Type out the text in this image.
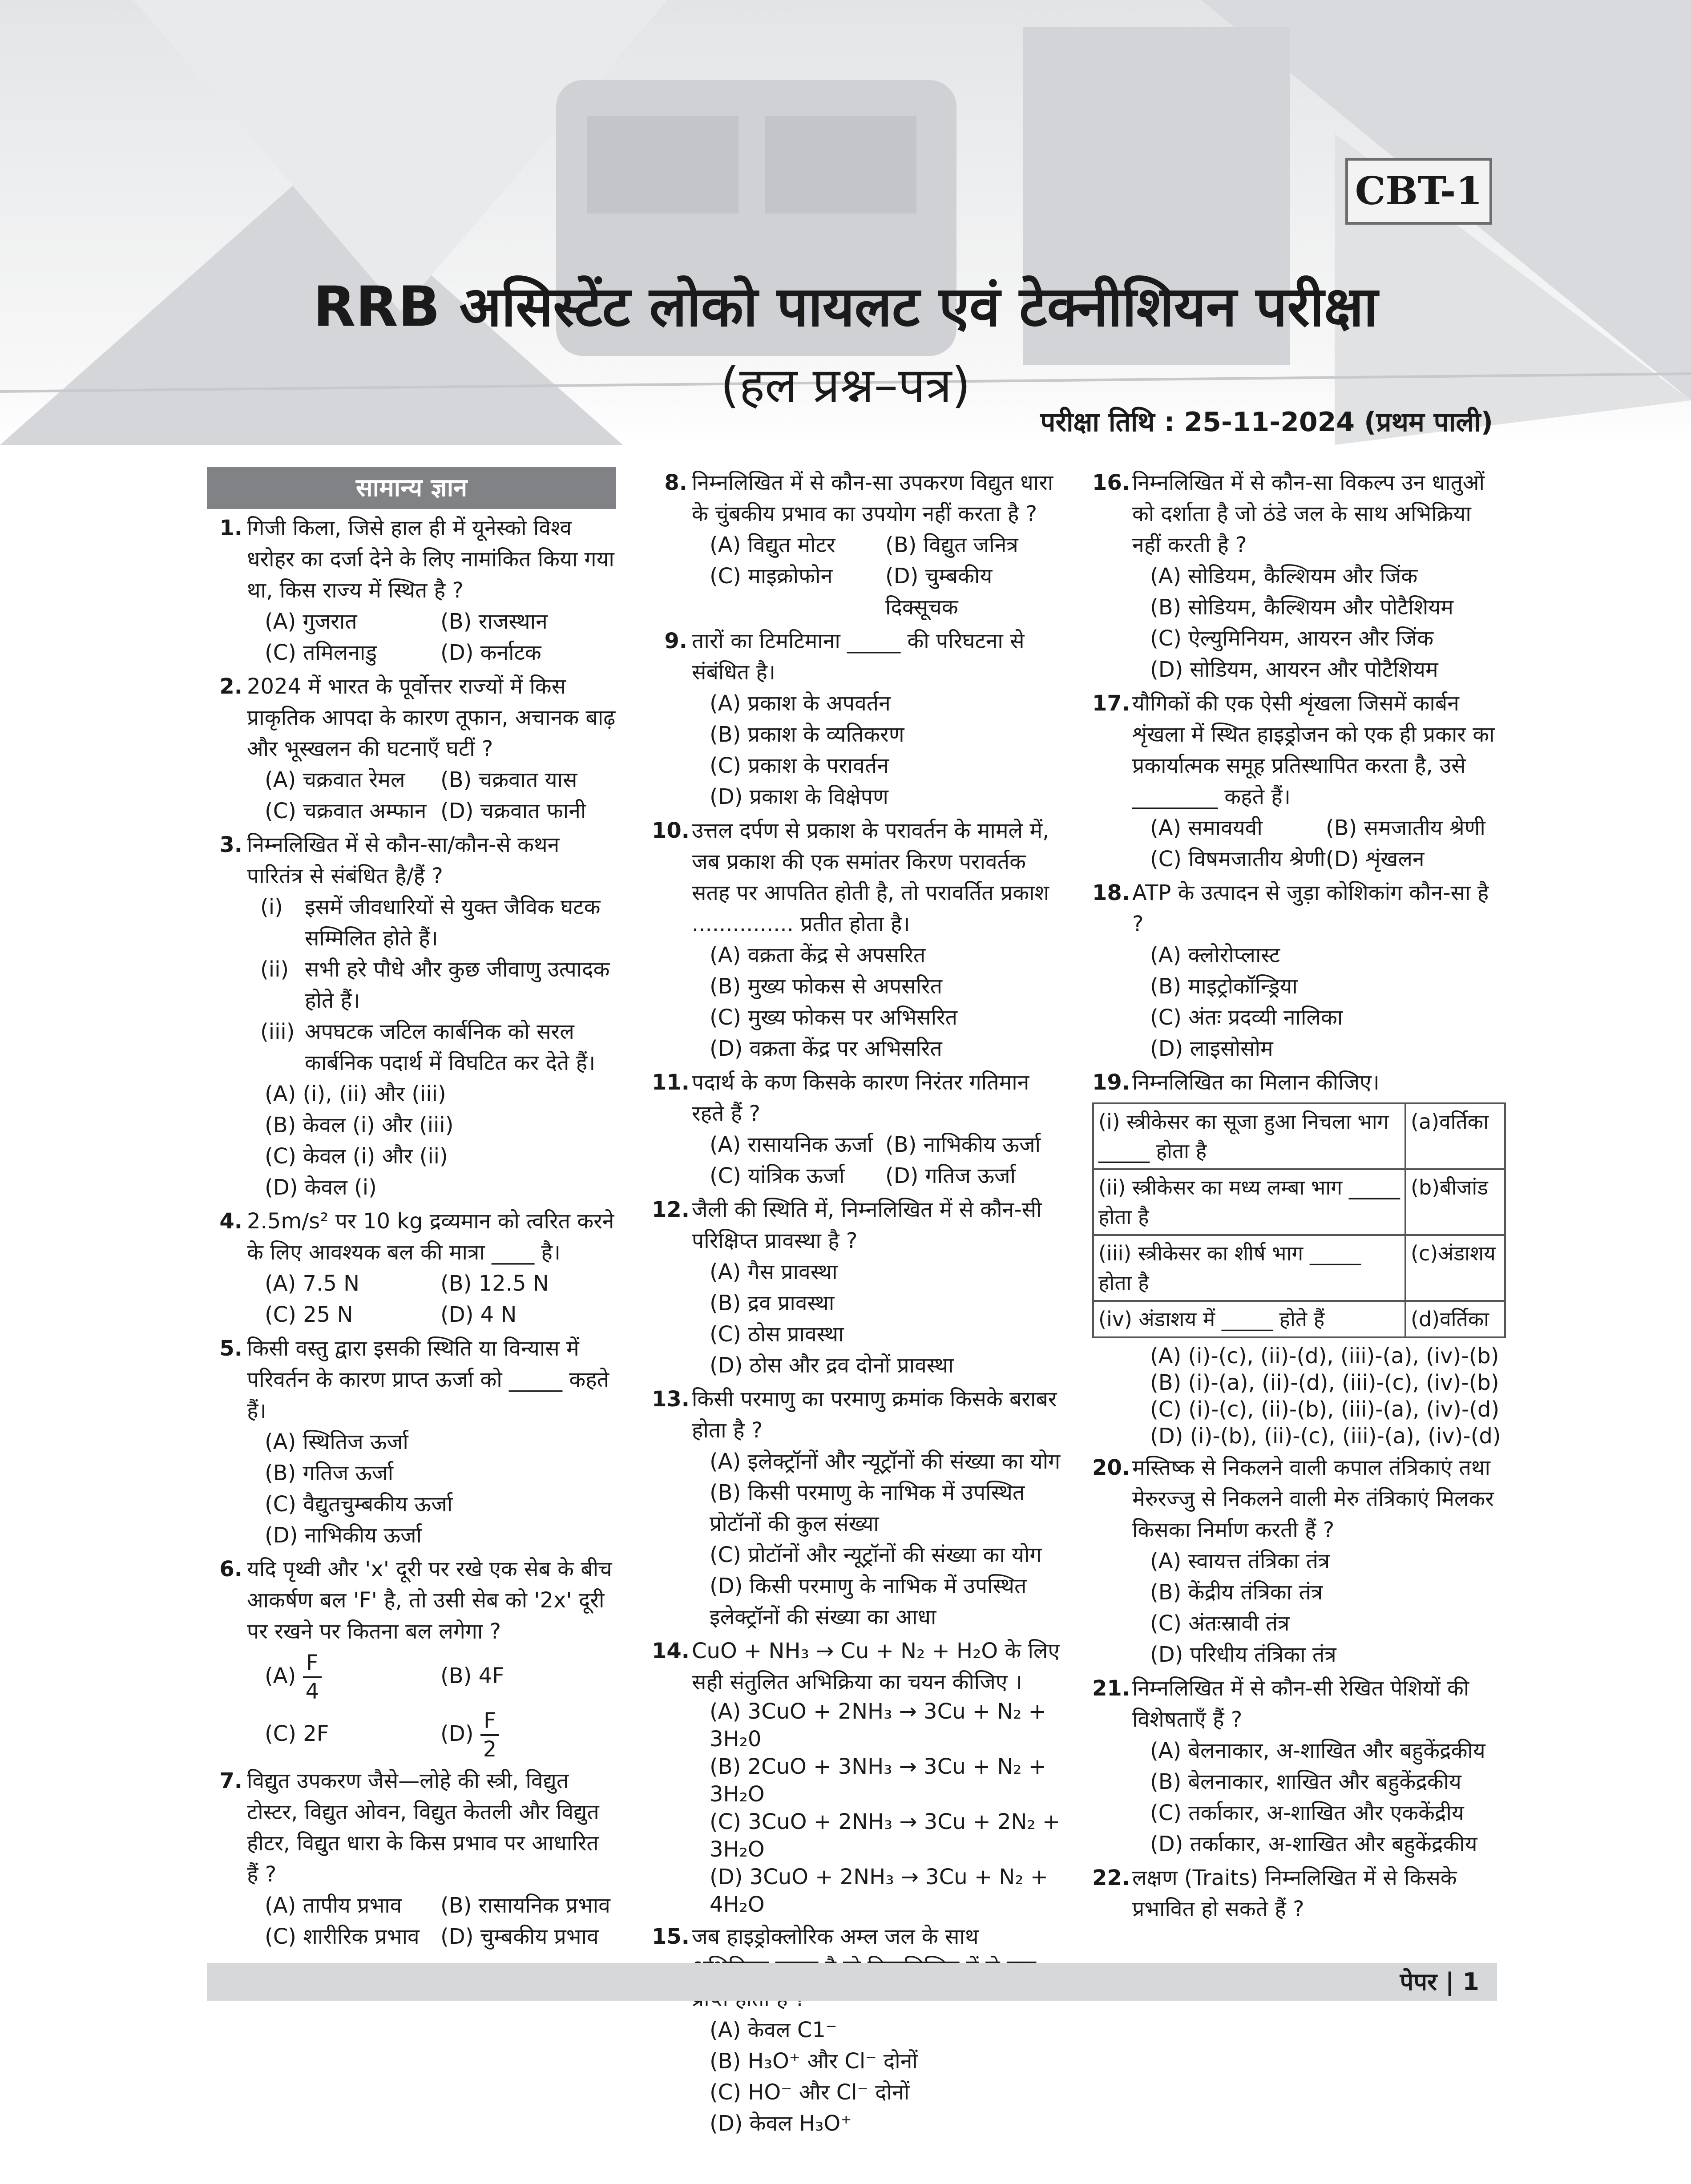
CBT-1
RRB असिस्टेंट लोको पायलट एवं टेक्नीशियन परीक्षा
(हल प्रश्न–पत्र)
परीक्षा तिथि : 25-11-2024 (प्रथम पाली)
सामान्य ज्ञान
1. गिजी किला, जिसे हाल ही में यूनेस्को विश्व धरोहर का दर्जा देने के लिए नामांकित किया गया था, किस राज्य में स्थित है ?
(A) गुजरात	(B) राजस्थान
(C) तमिलनाडु	(D) कर्नाटक
2. 2024 में भारत के पूर्वोत्तर राज्यों में किस प्राकृतिक आपदा के कारण तूफान, अचानक बाढ़ और भूस्खलन की घटनाएँ घटीं ?
(A) चक्रवात रेमल	(B) चक्रवात यास
(C) चक्रवात अम्फान (D) चक्रवात फानी
3. निम्नलिखित में से कौन-सा/कौन-से कथन पारितंत्र से संबंधित है/हैं ?
(i) इसमें जीवधारियों से युक्त जैविक घटक सम्मिलित होते हैं।
(ii) सभी हरे पौधे और कुछ जीवाणु उत्पादक होते हैं।
(iii) अपघटक जटिल कार्बनिक को सरल कार्बनिक पदार्थ में विघटित कर देते हैं।
(A) (i), (ii) और (iii)
(B) केवल (i) और (iii)
(C) केवल (i) और (ii)
(D) केवल (i)
4. 2.5m/s² पर 10 kg द्रव्यमान को त्वरित करने के लिए आवश्यक बल की मात्रा ____ है।
(A) 7.5 N	(B) 12.5 N
(C) 25 N	(D) 4 N
5. किसी वस्तु द्वारा इसकी स्थिति या विन्यास में परिवर्तन के कारण प्राप्त ऊर्जा को _____ कहते हैं।
(A) स्थितिज ऊर्जा
(B) गतिज ऊर्जा
(C) वैद्युतचुम्बकीय ऊर्जा
(D) नाभिकीय ऊर्जा
6. यदि पृथ्वी और 'x' दूरी पर रखे एक सेब के बीच आकर्षण बल 'F' है, तो उसी सेब को '2x' दूरी पर रखने पर कितना बल लगेगा ?
$(A) \frac{F}{4}$	(B) 4F
(C) 2F	$(D) \frac{F}{2}$
7. विद्युत उपकरण जैसे—लोहे की स्त्री, विद्युत टोस्टर, विद्युत ओवन, विद्युत केतली और विद्युत हीटर, विद्युत धारा के किस प्रभाव पर आधारित हैं ?
(A) तापीय प्रभाव	(B) रासायनिक प्रभाव
(C) शारीरिक प्रभाव (D) चुम्बकीय प्रभाव
8. निम्नलिखित में से कौन-सा उपकरण विद्युत धारा के चुंबकीय प्रभाव का उपयोग नहीं करता है ?
(A) विद्युत मोटर	(B) विद्युत जनित्र
(C) माइक्रोफोन	(D) चुम्बकीय दिक्सूचक
9. तारों का टिमटिमाना _____ की परिघटना से संबंधित है।
(A) प्रकाश के अपवर्तन
(B) प्रकाश के व्यतिकरण
(C) प्रकाश के परावर्तन
(D) प्रकाश के विक्षेपण
10. उत्तल दर्पण से प्रकाश के परावर्तन के मामले में, जब प्रकाश की एक समांतर किरण परावर्तक सतह पर आपतित होती है, तो परावर्तित प्रकाश ............... प्रतीत होता है।
(A) वक्रता केंद्र से अपसरित
(B) मुख्य फोकस से अपसरित
(C) मुख्य फोकस पर अभिसरित
(D) वक्रता केंद्र पर अभिसरित
11. पदार्थ के कण किसके कारण निरंतर गतिमान रहते हैं ?
(A) रासायनिक ऊर्जा (B) नाभिकीय ऊर्जा
(C) यांत्रिक ऊर्जा	(D) गतिज ऊर्जा
12. जैली की स्थिति में, निम्नलिखित में से कौन-सी परिक्षिप्त प्रावस्था है ?
(A) गैस प्रावस्था
(B) द्रव प्रावस्था
(C) ठोस प्रावस्था
(D) ठोस और द्रव दोनों प्रावस्था
13. किसी परमाणु का परमाणु क्रमांक किसके बराबर होता है ?
(A) इलेक्ट्रॉनों और न्यूट्रॉनों की संख्या का योग
(B) किसी परमाणु के नाभिक में उपस्थित प्रोटॉनों की कुल संख्या
(C) प्रोटॉनों और न्यूट्रॉनों की संख्या का योग
(D) किसी परमाणु के नाभिक में उपस्थित इलेक्ट्रॉनों की संख्या का आधा
14. CuO + NH₃ → Cu + N₂ + H₂O के लिए सही संतुलित अभिक्रिया का चयन कीजिए ।
(A) 3CuO + 2NH₃ → 3Cu + N₂ + 3H₂0
(B) 2CuO + 3NH₃ → 3Cu + N₂ + 3H₂O
(C) 3CuO + 2NH₃ → 3Cu + 2N₂ + 3H₂O
(D) 3CuO + 2NH₃ → 3Cu + N₂ + 4H₂O
15. जब हाइड्रोक्लोरिक अम्ल जल के साथ
(A) केवल C1⁻
(B) H₃O⁺ और Cl⁻ दोनों
(C) HO⁻ और Cl⁻ दोनों
(D) केवल H₃O⁺
16. निम्नलिखित में से कौन-सा विकल्प उन धातुओं को दर्शाता है जो ठंडे जल के साथ अभिक्रिया नहीं करती है ?
(A) सोडियम, कैल्शियम और जिंक
(B) सोडियम, कैल्शियम और पोटैशियम
(C) ऐल्युमिनियम, आयरन और जिंक
(D) सोडियम, आयरन और पोटैशियम
17. यौगिकों की एक ऐसी शृंखला जिसमें कार्बन शृंखला में स्थित हाइड्रोजन को एक ही प्रकार का प्रकार्यात्मक समूह प्रतिस्थापित करता है, उसे ________ कहते हैं।
(A) समावयवी	(B) समजातीय श्रेणी
(C) विषमजातीय श्रेणी (D) शृंखलन
18. ATP के उत्पादन से जुड़ा कोशिकांग कौन-सा है ?
(A) क्लोरोप्लास्ट
(B) माइट्रोकॉन्ड्रिया
(C) अंतः प्रदव्यी नालिका
(D) लाइसोसोम
19. निम्नलिखित का मिलान कीजिए।
(i) स्त्रीकेसर का सूजा हुआ निचला भाग _____ होता है	(a)वर्तिका
(ii) स्त्रीकेसर का मध्य लम्बा भाग _____ होता है	(b)बीजांड
(iii) स्त्रीकेसर का शीर्ष भाग _____ होता है	(c)अंडाशय
(iv) अंडाशय में _____ होते हैं	(d)वर्तिका
(A) (i)-(c), (ii)-(d), (iii)-(a), (iv)-(b)
(B) (i)-(a), (ii)-(d), (iii)-(c), (iv)-(b)
(C) (i)-(c), (ii)-(b), (iii)-(a), (iv)-(d)
(D) (i)-(b), (ii)-(c), (iii)-(a), (iv)-(d)
20. मस्तिष्क से निकलने वाली कपाल तंत्रिकाएं तथा मेरुरज्जु से निकलने वाली मेरु तंत्रिकाएं मिलकर किसका निर्माण करती हैं ?
(A) स्वायत्त तंत्रिका तंत्र
(B) केंद्रीय तंत्रिका तंत्र
(C) अंतःस्रावी तंत्र
(D) परिधीय तंत्रिका तंत्र
21. निम्नलिखित में से कौन-सी रेखित पेशियों की विशेषताएँ हैं ?
(A) बेलनाकार, अ-शाखित और बहुकेंद्रकीय
(B) बेलनाकार, शाखित और बहुकेंद्रकीय
(C) तर्काकार, अ-शाखित और एककेंद्रीय
(D) तर्काकार, अ-शाखित और बहुकेंद्रकीय
22. लक्षण (Traits) निम्नलिखित में से किसके प्रभावित हो सकते हैं ?
पेपर | 1
